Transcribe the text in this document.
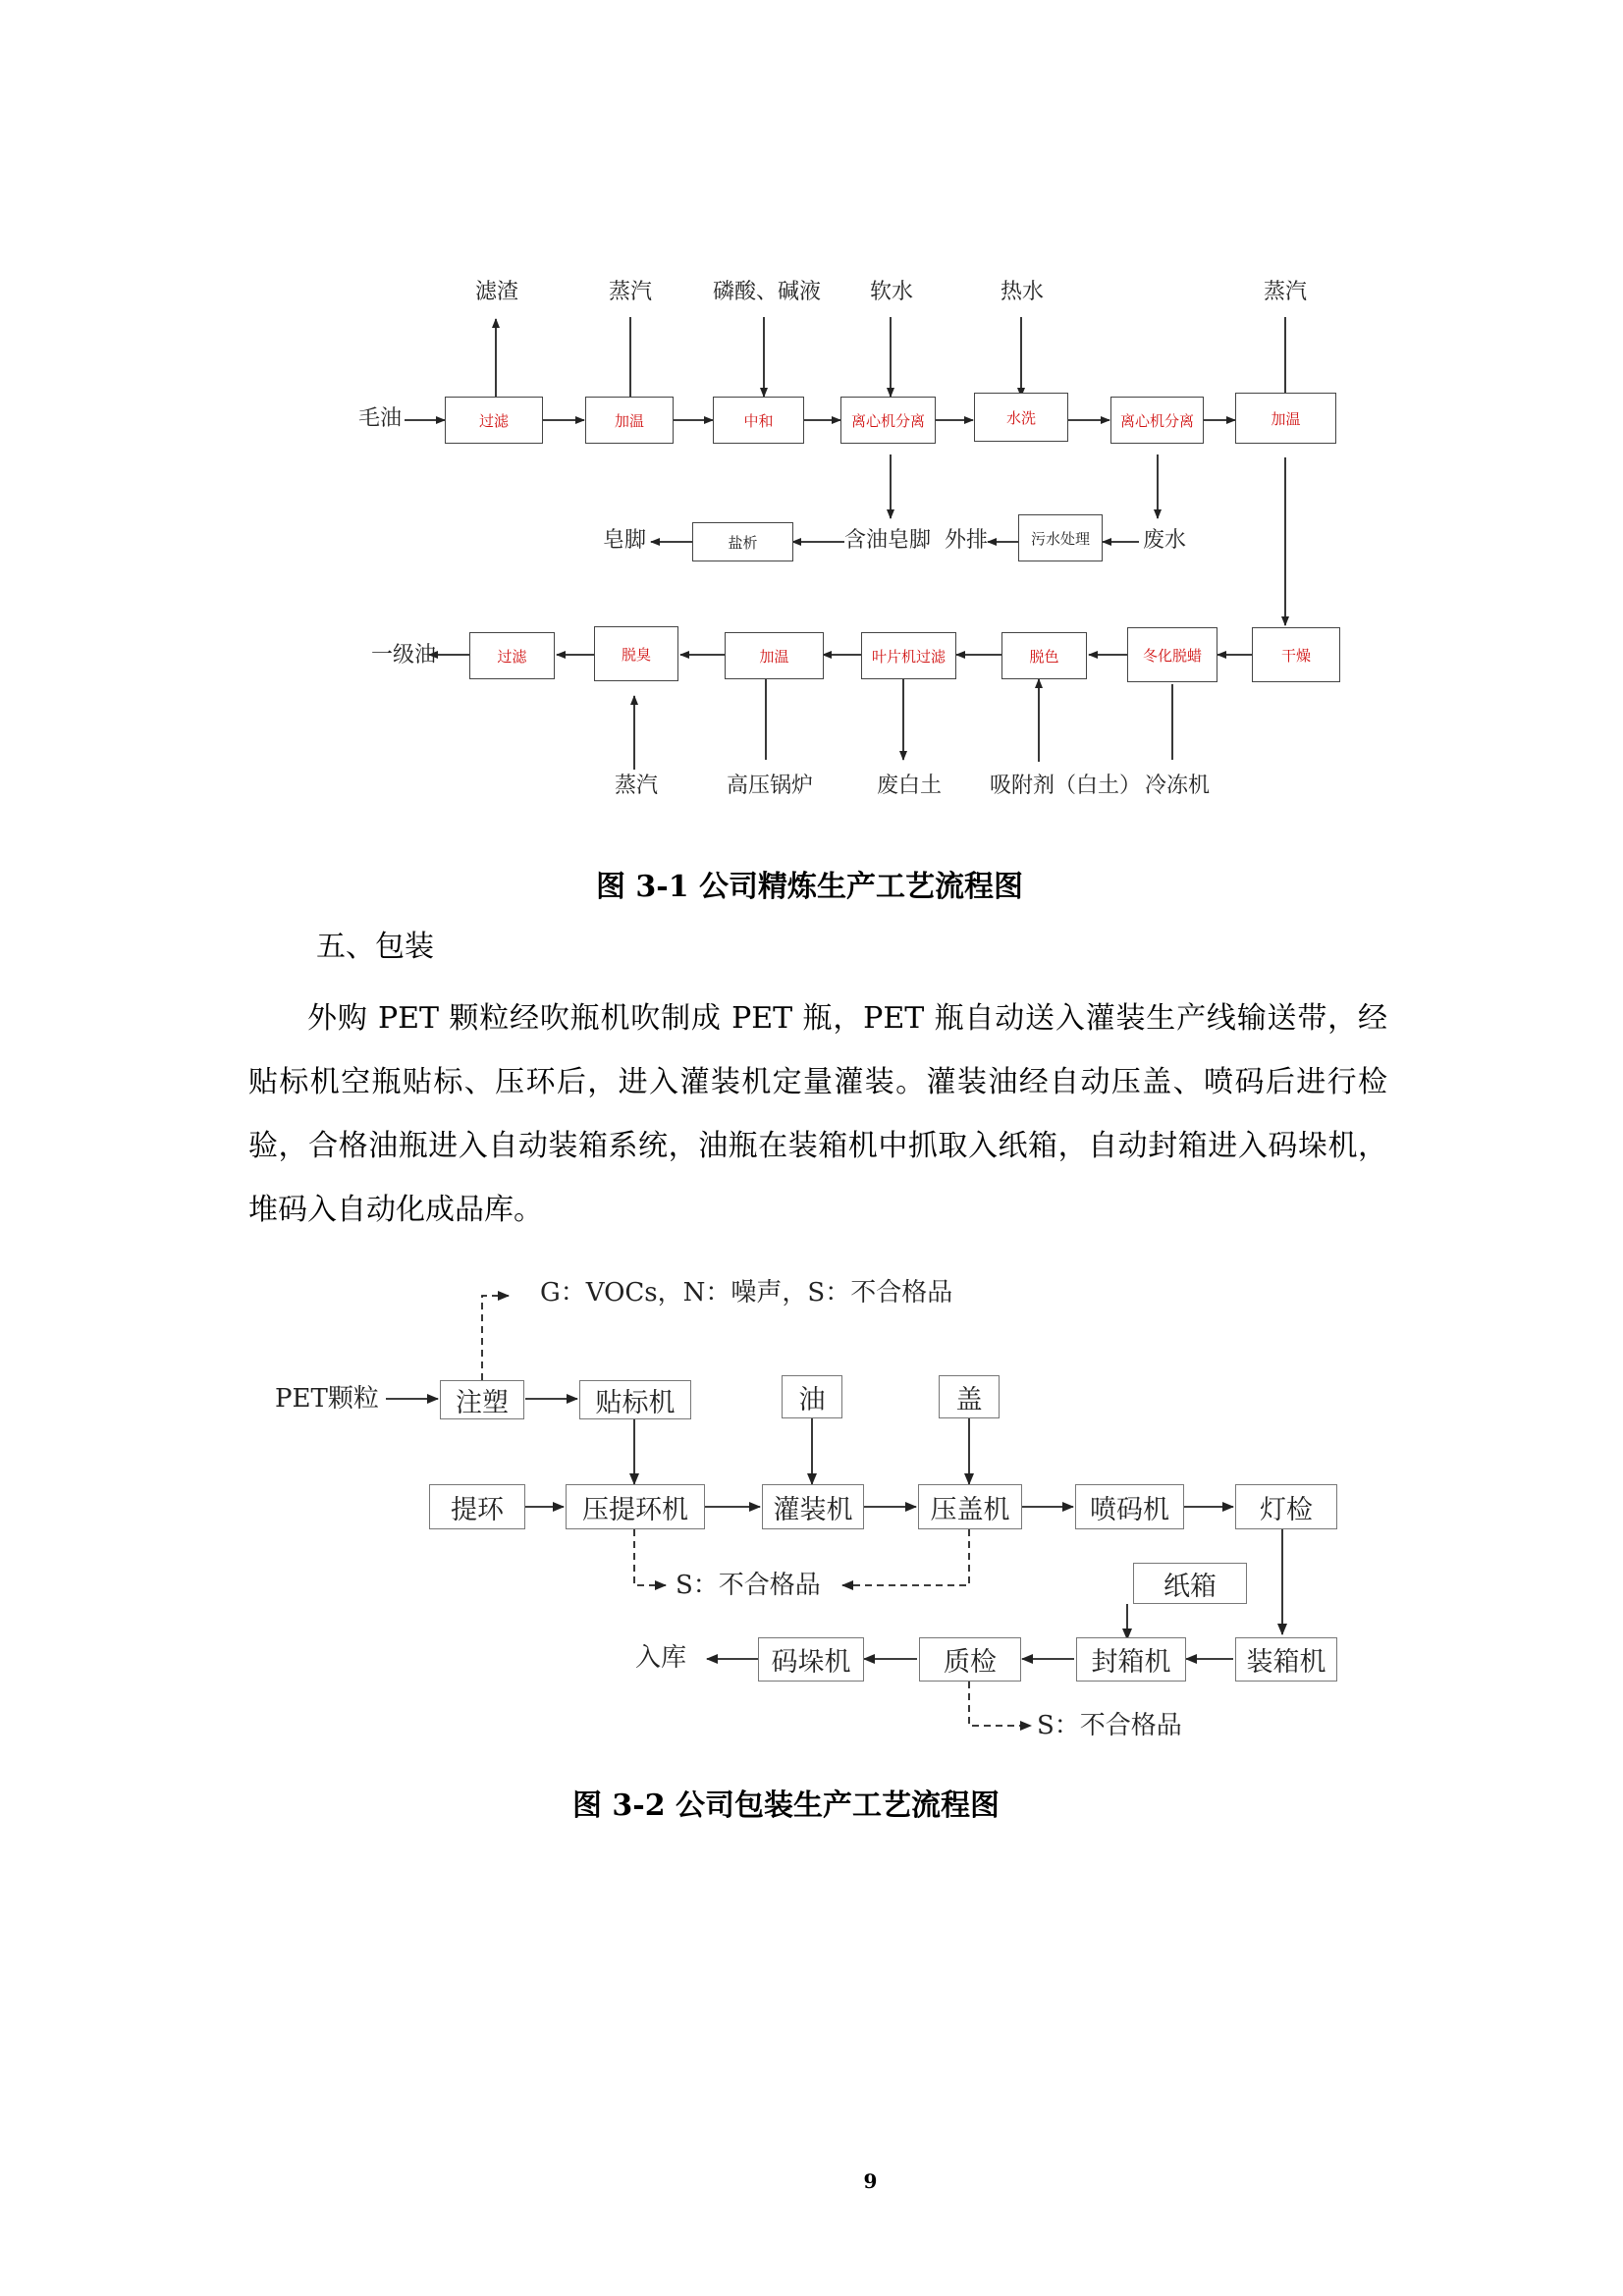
滤渣	蒸汽	磷酸、碱液 软水	热水	蒸汽
毛油	过滤	加温	中和	离心机分离	水洗	离心机分离	加温
皂脚	盐析	含油皂脚 外排	污水处理	废水
一级油	过滤	脱臭	加温	叶片机过滤	脱色	冬化脱蜡	干燥
蒸汽	高压锅炉	废白土 吸附剂（白土） 冷冻机
图 3-1 公司精炼生产工艺流程图
五、包装
外购 PET 颗粒经吹瓶机吹制成 PET 瓶，PET 瓶自动送入灌装生产线输送带，经贴标机空瓶贴标、压环后，进入灌装机定量灌装。灌装油经自动压盖、喷码后进行检验，合格油瓶进入自动装箱系统，油瓶在装箱机中抓取入纸箱，自动封箱进入码垛机，堆码入自动化成品库。
G：VOCs，N：噪声，S：不合格品
PET颗粒	注塑	贴标机	油	盖
提环	压提环机	灌装机	压盖机	喷码机	灯检
S：不合格品	纸箱
入库	码垛机	质检	封箱机	装箱机
S：不合格品
图 3-2 公司包装生产工艺流程图
9
